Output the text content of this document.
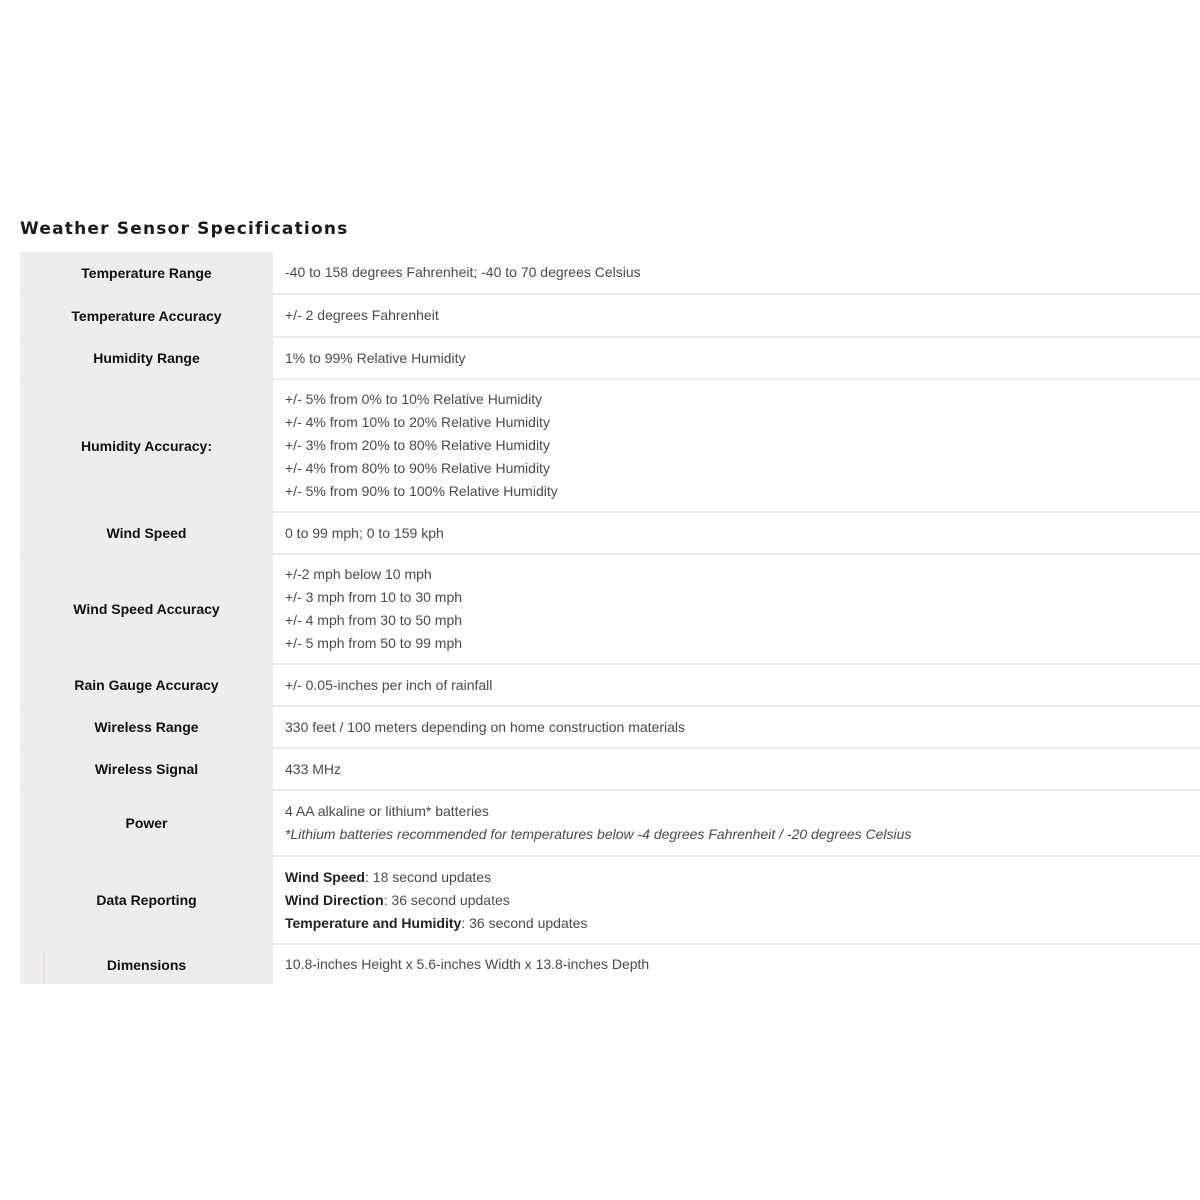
Weather Sensor Specifications
Temperature Range	-40 to 158 degrees Fahrenheit; -40 to 70 degrees Celsius

Temperature Accuracy	+/- 2 degrees Fahrenheit

Humidity Range	1% to 99% Relative Humidity

Humidity Accuracy:	+/- 5% from 0% to 10% Relative Humidity
+/- 4% from 10% to 20% Relative Humidity
+/- 3% from 20% to 80% Relative Humidity
+/- 4% from 80% to 90% Relative Humidity
+/- 5% from 90% to 100% Relative Humidity

Wind Speed	0 to 99 mph; 0 to 159 kph

Wind Speed Accuracy	+/-2 mph below 10 mph
+/- 3 mph from 10 to 30 mph
+/- 4 mph from 30 to 50 mph
+/- 5 mph from 50 to 99 mph

Rain Gauge Accuracy	+/- 0.05-inches per inch of rainfall

Wireless Range	330 feet / 100 meters depending on home construction materials

Wireless Signal	433 MHz

Power	4 AA alkaline or lithium* batteries
*Lithium batteries recommended for temperatures below -4 degrees Fahrenheit / -20 degrees Celsius

Data Reporting	Wind Speed: 18 second updates
Wind Direction: 36 second updates
Temperature and Humidity: 36 second updates

Dimensions	10.8-inches Height x 5.6-inches Width x 13.8-inches Depth
